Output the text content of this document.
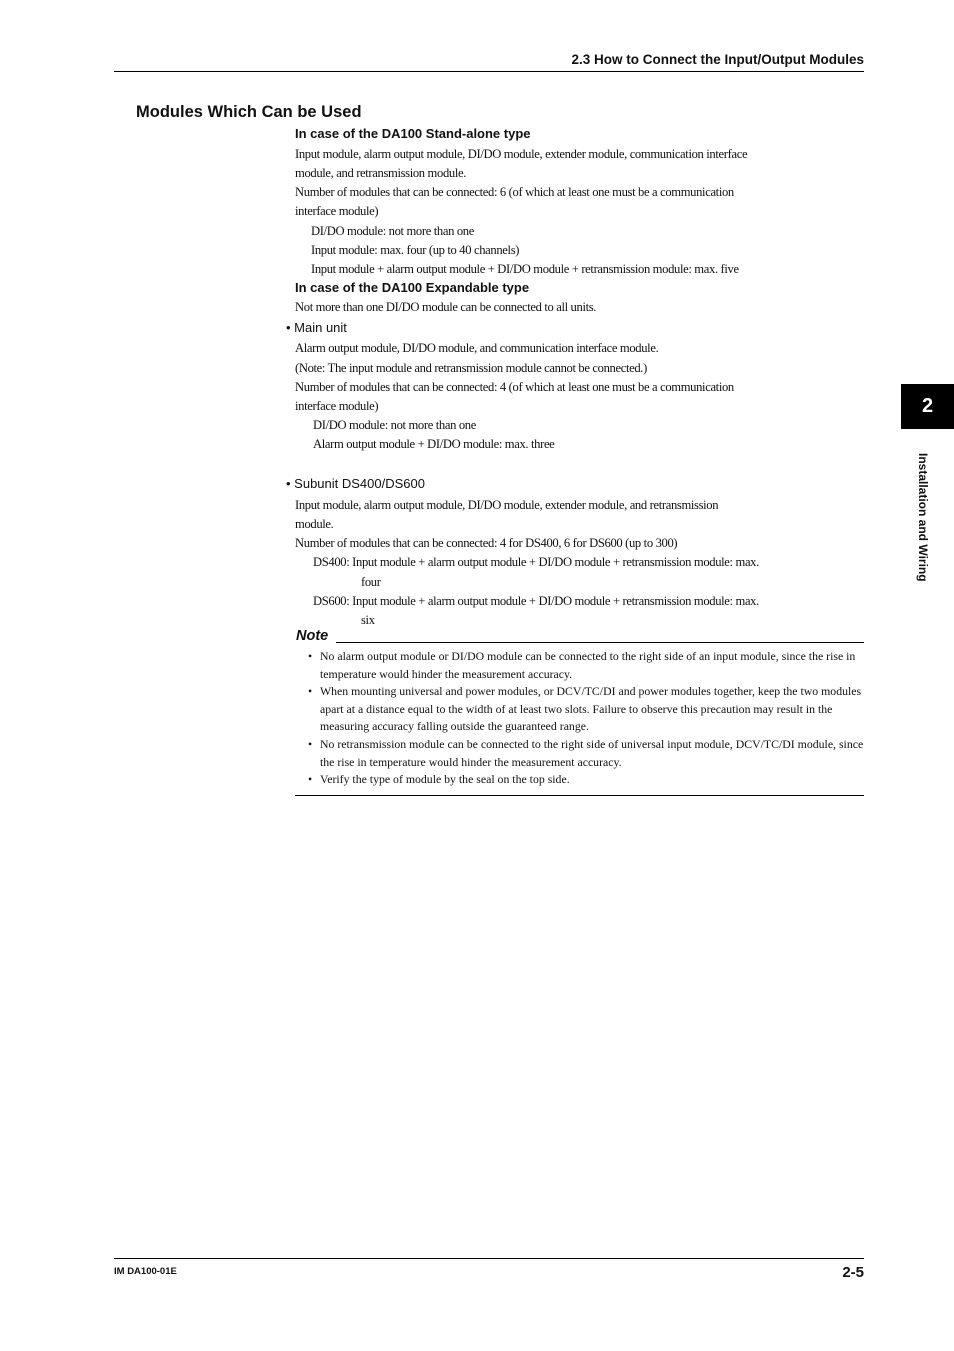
2.3 How to Connect the Input/Output Modules
Modules Which Can be Used
In case of the DA100 Stand-alone type
Input module, alarm output module, DI/DO module, extender module, communication interface
module, and retransmission module.
Number of modules that can be connected: 6 (of which at least one must be a communication
interface module)
DI/DO module: not more than one
Input module: max. four (up to 40 channels)
Input module + alarm output module + DI/DO module + retransmission module: max. five
In case of the DA100 Expandable type
Not more than one DI/DO module can be connected to all units.
• Main unit
Alarm output module, DI/DO module, and communication interface module.
(Note: The input module and retransmission module cannot be connected.)
Number of modules that can be connected: 4 (of which at least one must be a communication
interface module)
DI/DO module: not more than one
Alarm output module + DI/DO module: max. three
• Subunit DS400/DS600
Input module, alarm output module, DI/DO module, extender module, and retransmission
module.
Number of modules that can be connected: 4 for DS400, 6 for DS600 (up to 300)
DS400: Input module + alarm output module + DI/DO module + retransmission module: max.
four
DS600: Input module + alarm output module + DI/DO module + retransmission module: max.
six
Note
• No alarm output module or DI/DO module can be connected to the right side of an input module, since the rise in temperature would hinder the measurement accuracy.
• When mounting universal and power modules, or DCV/TC/DI and power modules together, keep the two modules apart at a distance equal to the width of at least two slots. Failure to observe this precaution may result in the measuring accuracy falling outside the guaranteed range.
• No retransmission module can be connected to the right side of universal input module, DCV/TC/DI module, since the rise in temperature would hinder the measurement accuracy.
• Verify the type of module by the seal on the top side.
2
Installation and Wiring
IM DA100-01E	2-5
